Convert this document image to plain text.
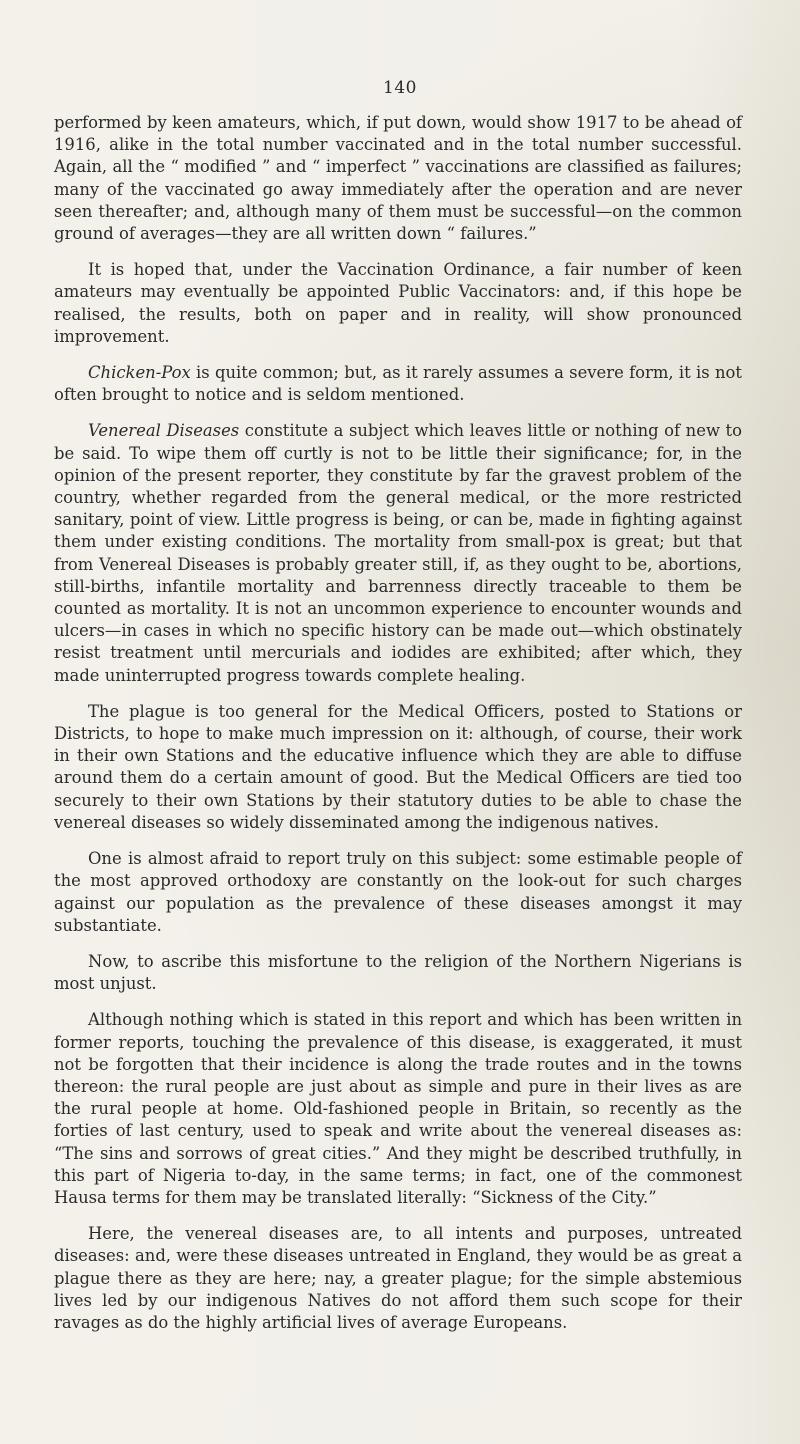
140

performed by keen amateurs, which, if put down, would show 1917 to be ahead of 1916, alike in the total number vaccinated and in the total number successful. Again, all the “ modified ” and “ imperfect ” vaccinations are classified as failures; many of the vaccinated go away immediately after the operation and are never seen thereafter; and, although many of them must be successful—on the common ground of averages—they are all written down “ failures.”

It is hoped that, under the Vaccination Ordinance, a fair number of keen amateurs may eventually be appointed Public Vaccinators: and, if this hope be realised, the results, both on paper and in reality, will show pronounced improvement.

Chicken-Pox is quite common; but, as it rarely assumes a severe form, it is not often brought to notice and is seldom mentioned.

Venereal Diseases constitute a subject which leaves little or nothing of new to be said. To wipe them off curtly is not to be little their significance; for, in the opinion of the present reporter, they constitute by far the gravest problem of the country, whether regarded from the general medical, or the more restricted sanitary, point of view. Little progress is being, or can be, made in fighting against them under existing conditions. The mortality from small-pox is great; but that from Venereal Diseases is probably greater still, if, as they ought to be, abortions, still-births, infantile mortality and barrenness directly traceable to them be counted as mortality. It is not an uncommon experience to encounter wounds and ulcers—in cases in which no specific history can be made out—which obstinately resist treatment until mercurials and iodides are exhibited; after which, they made uninterrupted progress towards complete healing.

The plague is too general for the Medical Officers, posted to Stations or Districts, to hope to make much impression on it: although, of course, their work in their own Stations and the educative influence which they are able to diffuse around them do a certain amount of good. But the Medical Officers are tied too securely to their own Stations by their statutory duties to be able to chase the venereal diseases so widely disseminated among the indigenous natives.

One is almost afraid to report truly on this subject: some estimable people of the most approved orthodoxy are constantly on the look-out for such charges against our population as the prevalence of these diseases amongst it may substantiate.

Now, to ascribe this misfortune to the religion of the Northern Nigerians is most unjust.

Although nothing which is stated in this report and which has been written in former reports, touching the prevalence of this disease, is exaggerated, it must not be forgotten that their incidence is along the trade routes and in the towns thereon: the rural people are just about as simple and pure in their lives as are the rural people at home. Old-fashioned people in Britain, so recently as the forties of last century, used to speak and write about the venereal diseases as: “The sins and sorrows of great cities.” And they might be described truthfully, in this part of Nigeria to-day, in the same terms; in fact, one of the commonest Hausa terms for them may be translated literally: “Sickness of the City.”

Here, the venereal diseases are, to all intents and purposes, untreated diseases: and, were these diseases untreated in England, they would be as great a plague there as they are here; nay, a greater plague; for the simple abstemious lives led by our indigenous Natives do not afford them such scope for their ravages as do the highly artificial lives of average Europeans.
